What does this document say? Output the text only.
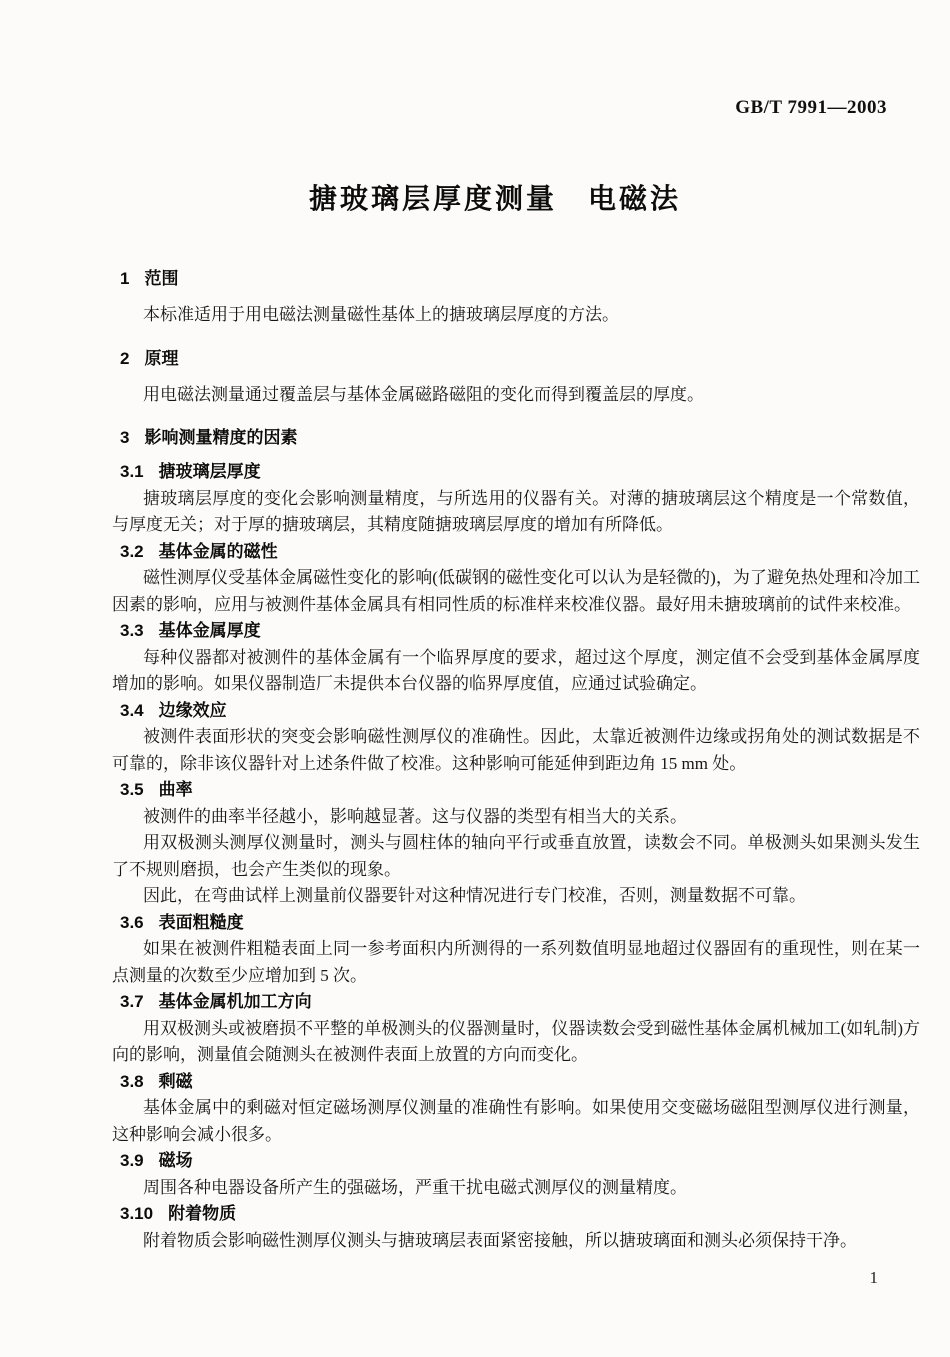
GB/T 7991—2003
搪玻璃层厚度测量　电磁法
1 范围

本标准适用于用电磁法测量磁性基体上的搪玻璃层厚度的方法。

2 原理

用电磁法测量通过覆盖层与基体金属磁路磁阻的变化而得到覆盖层的厚度。

3 影响测量精度的因素
3.1 搪玻璃层厚度

搪玻璃层厚度的变化会影响测量精度，与所选用的仪器有关。对薄的搪玻璃层这个精度是一个常数值，与厚度无关；对于厚的搪玻璃层，其精度随搪玻璃层厚度的增加有所降低。

3.2 基体金属的磁性

磁性测厚仪受基体金属磁性变化的影响(低碳钢的磁性变化可以认为是轻微的)，为了避免热处理和冷加工因素的影响，应用与被测件基体金属具有相同性质的标准样来校准仪器。最好用未搪玻璃前的试件来校准。

3.3 基体金属厚度

每种仪器都对被测件的基体金属有一个临界厚度的要求，超过这个厚度，测定值不会受到基体金属厚度增加的影响。如果仪器制造厂未提供本台仪器的临界厚度值，应通过试验确定。

3.4 边缘效应

被测件表面形状的突变会影响磁性测厚仪的准确性。因此，太靠近被测件边缘或拐角处的测试数据是不可靠的，除非该仪器针对上述条件做了校准。这种影响可能延伸到距边角 15 mm 处。

3.5 曲率

被测件的曲率半径越小，影响越显著。这与仪器的类型有相当大的关系。

用双极测头测厚仪测量时，测头与圆柱体的轴向平行或垂直放置，读数会不同。单极测头如果测头发生了不规则磨损，也会产生类似的现象。

因此，在弯曲试样上测量前仪器要针对这种情况进行专门校准，否则，测量数据不可靠。

3.6 表面粗糙度

如果在被测件粗糙表面上同一参考面积内所测得的一系列数值明显地超过仪器固有的重现性，则在某一点测量的次数至少应增加到 5 次。

3.7 基体金属机加工方向

用双极测头或被磨损不平整的单极测头的仪器测量时，仪器读数会受到磁性基体金属机械加工(如轧制)方向的影响，测量值会随测头在被测件表面上放置的方向而变化。

3.8 剩磁

基体金属中的剩磁对恒定磁场测厚仪测量的准确性有影响。如果使用交变磁场磁阻型测厚仪进行测量，这种影响会减小很多。

3.9 磁场

周围各种电器设备所产生的强磁场，严重干扰电磁式测厚仪的测量精度。

3.10 附着物质

附着物质会影响磁性测厚仪测头与搪玻璃层表面紧密接触，所以搪玻璃面和测头必须保持干净。

1
